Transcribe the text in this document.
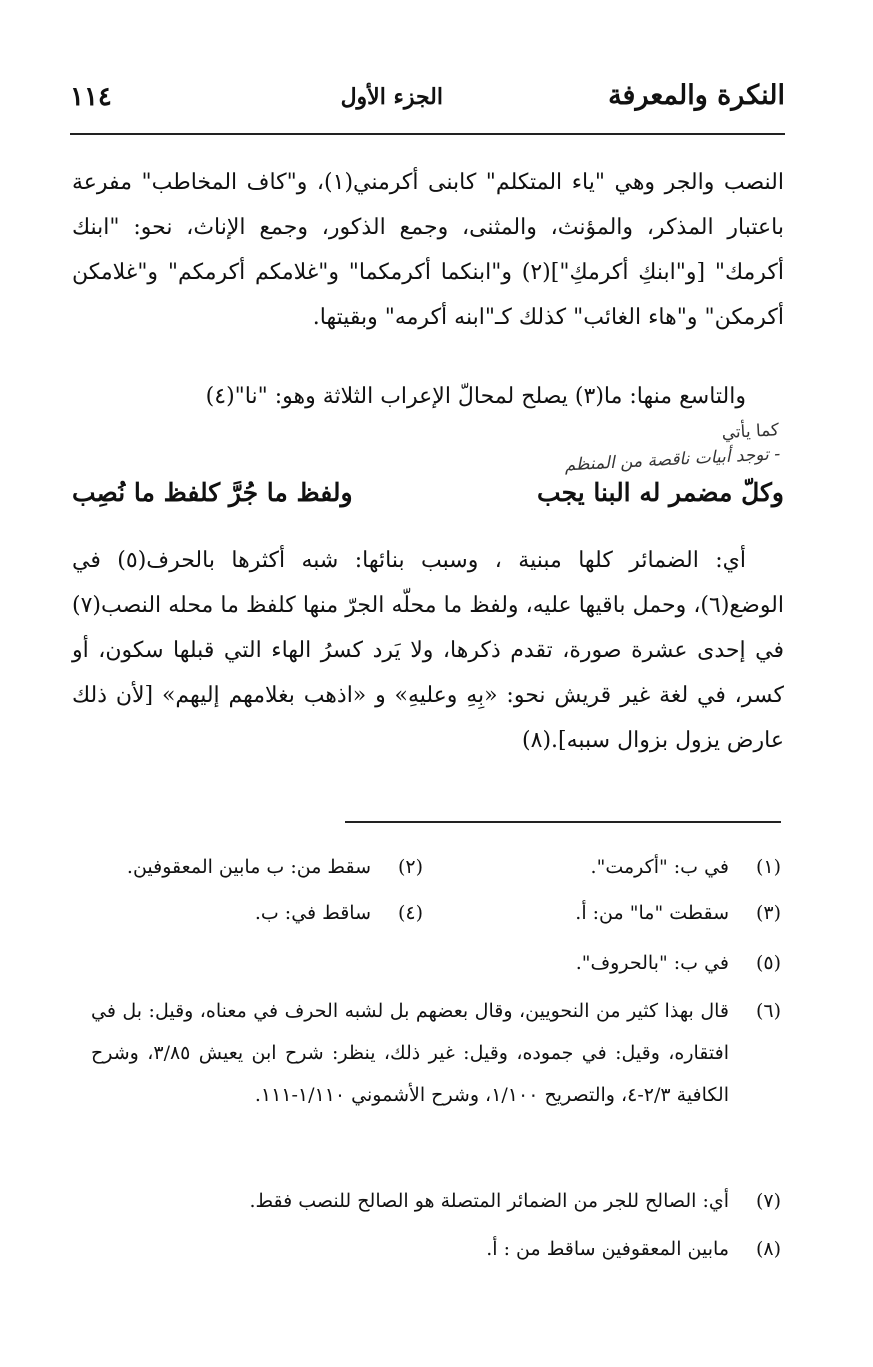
النكرة والمعرفة
الجزء الأول
١١٤

النصب والجر وهي "ياء المتكلم" كابنى أكرمني(١)، و"كاف المخاطب" مفرعة باعتبار المذكر، والمؤنث، والمثنى، وجمع الذكور، وجمع الإناث، نحو: "ابنك أكرمك" [و"ابنكِ أكرمكِ"](٢) و"ابنكما أكرمكما" و"غلامكم أكرمكم" و"غلامكن أكرمكن" و"هاء الغائب" كذلك كـ"ابنه أكرمه" وبقيتها.

والتاسع منها: ما(٣) يصلح لمحالّ الإعراب الثلاثة وهو: "نا"(٤)

كما يأتي
- توجد أبيات ناقصة من المنظم
وكلّ مضمر له البنا يجب
ولفظ ما جُرَّ كلفظ ما نُصِب

أي: الضمائر كلها مبنية ، وسبب بنائها: شبه أكثرها بالحرف(٥) في الوضع(٦)، وحمل باقيها عليه، ولفظ ما محلّه الجرّ منها كلفظ ما محله النصب(٧) في إحدى عشرة صورة، تقدم ذكرها، ولا يَرد كسرُ الهاء التي قبلها سكون، أو كسر، في لغة غير قريش نحو: «بِهِ وعليهِ» و «اذهب بغلامهم إليهم» [لأن ذلك عارض يزول بزوال سببه].(٨)

(١)في ب: "أكرمت".
(٢)سقط من: ب مابين المعقوفين.
(٣)سقطت "ما" من: أ.
(٤)ساقط في: ب.
(٥)في ب: "بالحروف".
(٦)
قال بهذا كثير من النحويين، وقال بعضهم بل لشبه الحرف في معناه، وقيل: بل في افتقاره، وقيل: في جموده، وقيل: غير ذلك، ينظر: شرح ابن يعيش ٣/٨٥، وشرح الكافية ٢/٣-٤، والتصريح ١/١٠٠، وشرح الأشموني ١/١١٠-١١١.
(٧)أي: الصالح للجر من الضمائر المتصلة هو الصالح للنصب فقط.
(٨)مابين المعقوفين ساقط من : أ.
